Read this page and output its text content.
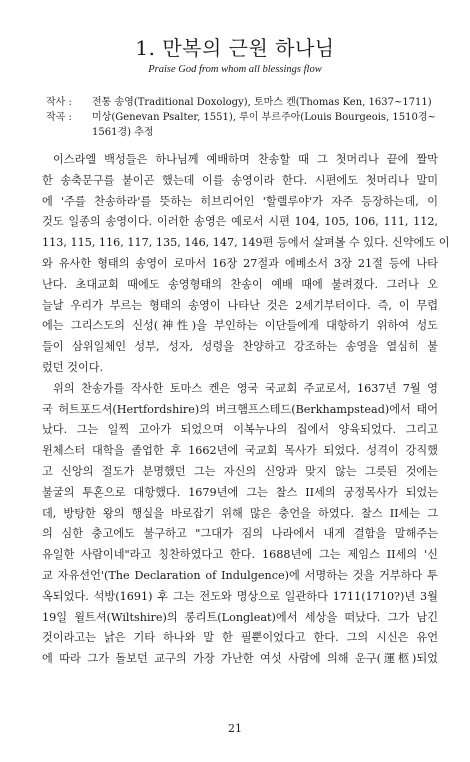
1. 만복의 근원 하나님
Praise God from whom all blessings flow
작사 :	전통 송영(Traditional Doxology), 토마스 켄(Thomas Ken, 1637~1711)
작곡 :	미상(Genevan Psalter, 1551), 루이 부르주아(Louis Bourgeois, 1510경~
1561경) 추정
이스라엘 백성들은 하나님께 예배하며 찬송할 때 그 첫머리나 끝에 짤막
한 송축문구를 붙이곤 했는데 이를 송영이라 한다. 시편에도 첫머리나 말미
에 '주를 찬송하라'를 뜻하는 히브리어인 '할렐루야'가 자주 등장하는데, 이
것도 일종의 송영이다. 이러한 송영은 예로서 시편 104, 105, 106, 111, 112,
113, 115, 116, 117, 135, 146, 147, 149편 등에서 살펴볼 수 있다. 신약에도 이
와 유사한 형태의 송영이 로마서 16장 27절과 에베소서 3장 21절 등에 나타
난다. 초대교회 때에도 송영형태의 찬송이 예배 때에 불려졌다. 그러나 오
늘날 우리가 부르는 형태의 송영이 나타난 것은 2세기부터이다. 즉, 이 무렵
에는 그리스도의 신성(神性)을 부인하는 이단들에게 대항하기 위하여 성도
들이 삼위일체인 성부, 성자, 성령을 찬양하고 강조하는 송영을 열심히 불
렀던 것이다.
위의 찬송가를 작사한 토마스 켄은 영국 국교회 주교로서, 1637년 7월 영
국 허트포드셔(Hertfordshire)의 버크햄프스테드(Berkhampstead)에서 태어
났다. 그는 일찍 고아가 되었으며 이복누나의 집에서 양육되었다. 그리고
윈체스터 대학을 졸업한 후 1662년에 국교회 목사가 되었다. 성격이 강직했
고 신앙의 절도가 분명했던 그는 자신의 신앙과 맞지 않는 그릇된 것에는
불굴의 투혼으로 대항했다. 1679년에 그는 찰스 II세의 궁정목사가 되었는
데, 방탕한 왕의 행실을 바로잡기 위해 많은 충언을 하였다. 찰스 II세는 그
의 심한 충고에도 불구하고 "그대가 짐의 나라에서 내게 결함을 말해주는
유일한 사람이네"라고 칭찬하였다고 한다. 1688년에 그는 제임스 II세의 '신
교 자유선언'(The Declaration of Indulgence)에 서명하는 것을 거부하다 투
옥되었다. 석방(1691) 후 그는 전도와 명상으로 일관하다 1711(1710?)년 3월
19일 윌트셔(Wiltshire)의 롱리트(Longleat)에서 세상을 떠났다. 그가 남긴
것이라고는 낡은 기타 하나와 말 한 필뿐이었다고 한다. 그의 시신은 유언
에 따라 그가 돌보던 교구의 가장 가난한 여섯 사람에 의해 운구(運柩)되었
21
